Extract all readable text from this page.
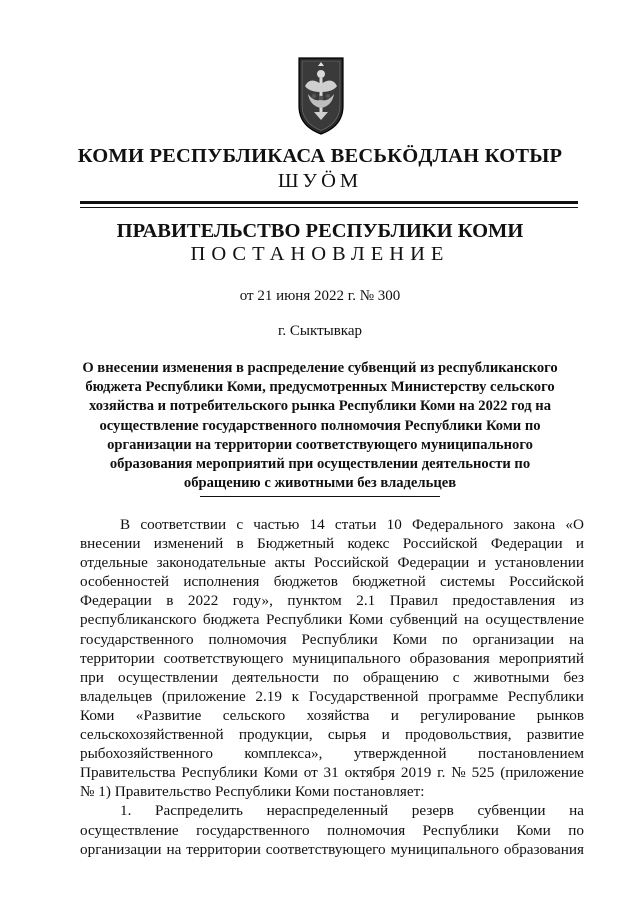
КОМИ РЕСПУБЛИКАСА ВЕСЬКӦДЛАН КОТЫР
ШУӦМ
ПРАВИТЕЛЬСТВО РЕСПУБЛИКИ КОМИ
ПОСТАНОВЛЕНИЕ
от 21 июня 2022 г. № 300
г. Сыктывкар
О внесении изменения в распределение субвенций из республиканского
бюджета Республики Коми, предусмотренных Министерству сельского
хозяйства и потребительского рынка Республики Коми на 2022 год на
осуществление государственного полномочия Республики Коми по
организации на территории соответствующего муниципального
образования мероприятий при осуществлении деятельности по
обращению с животными без владельцев
В соответствии с частью 14 статьи 10 Федерального закона «О
внесении изменений в Бюджетный кодекс Российской Федерации и
отдельные законодательные акты Российской Федерации и установлении
особенностей исполнения бюджетов бюджетной системы Российской
Федерации в 2022 году», пунктом 2.1 Правил предоставления из
республиканского бюджета Республики Коми субвенций на осуществление
государственного полномочия Республики Коми по организации на
территории соответствующего муниципального образования мероприятий
при осуществлении деятельности по обращению с животными без
владельцев (приложение 2.19 к Государственной программе Республики
Коми «Развитие сельского хозяйства и регулирование рынков
сельскохозяйственной продукции, сырья и продовольствия, развитие
рыбохозяйственного комплекса», утвержденной постановлением
Правительства Республики Коми от 31 октября 2019 г. № 525 (приложение
№ 1) Правительство Республики Коми постановляет:
1. Распределить нераспределенный резерв субвенции на
осуществление государственного полномочия Республики Коми по
организации на территории соответствующего муниципального образования
